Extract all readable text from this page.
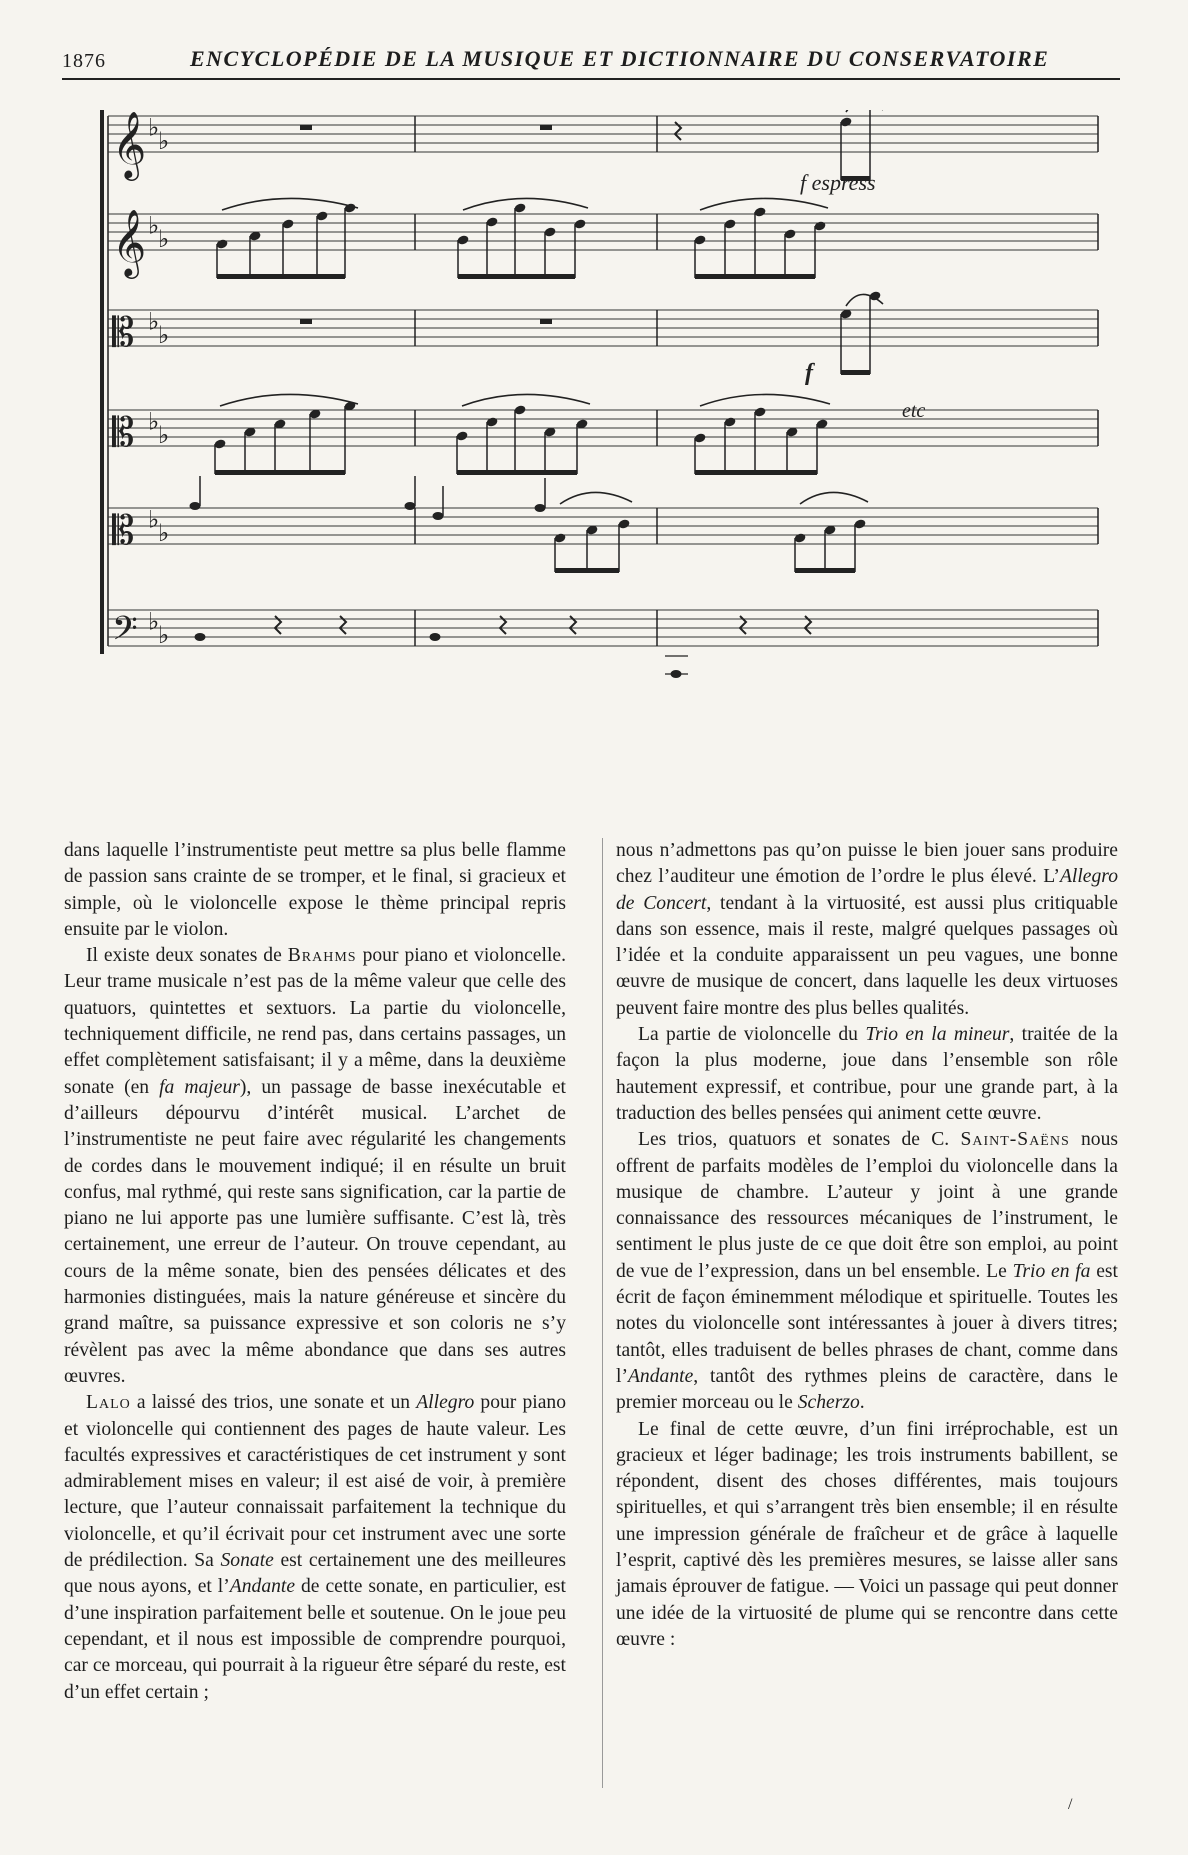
1876	ENCYCLOPÉDIE DE LA MUSIQUE ET DICTIONNAIRE DU CONSERVATOIRE
𝄞 ♭
♭
𝄞 ♭
♭
𝄡 ♭
♭
𝄡 ♭
♭
𝄡 ♭
♭
𝄢 ♭
♭
f espress
f
etc

dans laquelle l’instrumentiste peut mettre sa plus belle flamme de passion sans crainte de se tromper, et le final, si gracieux et simple, où le violoncelle expose le thème principal repris ensuite par le violon.

Il existe deux sonates de Brahms pour piano et violoncelle. Leur trame musicale n’est pas de la même valeur que celle des quatuors, quintettes et sextuors. La partie du violoncelle, techniquement difficile, ne rend pas, dans certains passages, un effet complètement satisfaisant; il y a même, dans la deuxième sonate (en fa majeur), un passage de basse inexécutable et d’ailleurs dépourvu d’intérêt musical. L’archet de l’instrumentiste ne peut faire avec régularité les changements de cordes dans le mouvement indiqué; il en résulte un bruit confus, mal rythmé, qui reste sans signification, car la partie de piano ne lui apporte pas une lumière suffisante. C’est là, très certainement, une erreur de l’auteur. On trouve cependant, au cours de la même sonate, bien des pensées délicates et des harmonies distinguées, mais la nature généreuse et sincère du grand maître, sa puissance expressive et son coloris ne s’y révèlent pas avec la même abondance que dans ses autres œuvres.

Lalo a laissé des trios, une sonate et un Allegro pour piano et violoncelle qui contiennent des pages de haute valeur. Les facultés expressives et caractéristiques de cet instrument y sont admirablement mises en valeur; il est aisé de voir, à première lecture, que l’auteur connaissait parfaitement la technique du violoncelle, et qu’il écrivait pour cet instrument avec une sorte de prédilection. Sa Sonate est certainement une des meilleures que nous ayons, et l’Andante de cette sonate, en particulier, est d’une inspiration parfaitement belle et soutenue. On le joue peu cependant, et il nous est impossible de comprendre pourquoi, car ce morceau, qui pourrait à la rigueur être séparé du reste, est d’un effet certain ;

nous n’admettons pas qu’on puisse le bien jouer sans produire chez l’auditeur une émotion de l’ordre le plus élevé. L’Allegro de Concert, tendant à la virtuosité, est aussi plus critiquable dans son essence, mais il reste, malgré quelques passages où l’idée et la conduite apparaissent un peu vagues, une bonne œuvre de musique de concert, dans laquelle les deux virtuoses peuvent faire montre des plus belles qualités.

La partie de violoncelle du Trio en la mineur, traitée de la façon la plus moderne, joue dans l’ensemble son rôle hautement expressif, et contribue, pour une grande part, à la traduction des belles pensées qui animent cette œuvre.

Les trios, quatuors et sonates de C. Saint-Saëns nous offrent de parfaits modèles de l’emploi du violoncelle dans la musique de chambre. L’auteur y joint à une grande connaissance des ressources mécaniques de l’instrument, le sentiment le plus juste de ce que doit être son emploi, au point de vue de l’expression, dans un bel ensemble. Le Trio en fa est écrit de façon éminemment mélodique et spirituelle. Toutes les notes du violoncelle sont intéressantes à jouer à divers titres; tantôt, elles traduisent de belles phrases de chant, comme dans l’Andante, tantôt des rythmes pleins de caractère, dans le premier morceau ou le Scherzo.

Le final de cette œuvre, d’un fini irréprochable, est un gracieux et léger badinage; les trois instruments babillent, se répondent, disent des choses différentes, mais toujours spirituelles, et qui s’arrangent très bien ensemble; il en résulte une impression générale de fraîcheur et de grâce à laquelle l’esprit, captivé dès les premières mesures, se laisse aller sans jamais éprouver de fatigue. — Voici un passage qui peut donner une idée de la virtuosité de plume qui se rencontre dans cette œuvre :

/
